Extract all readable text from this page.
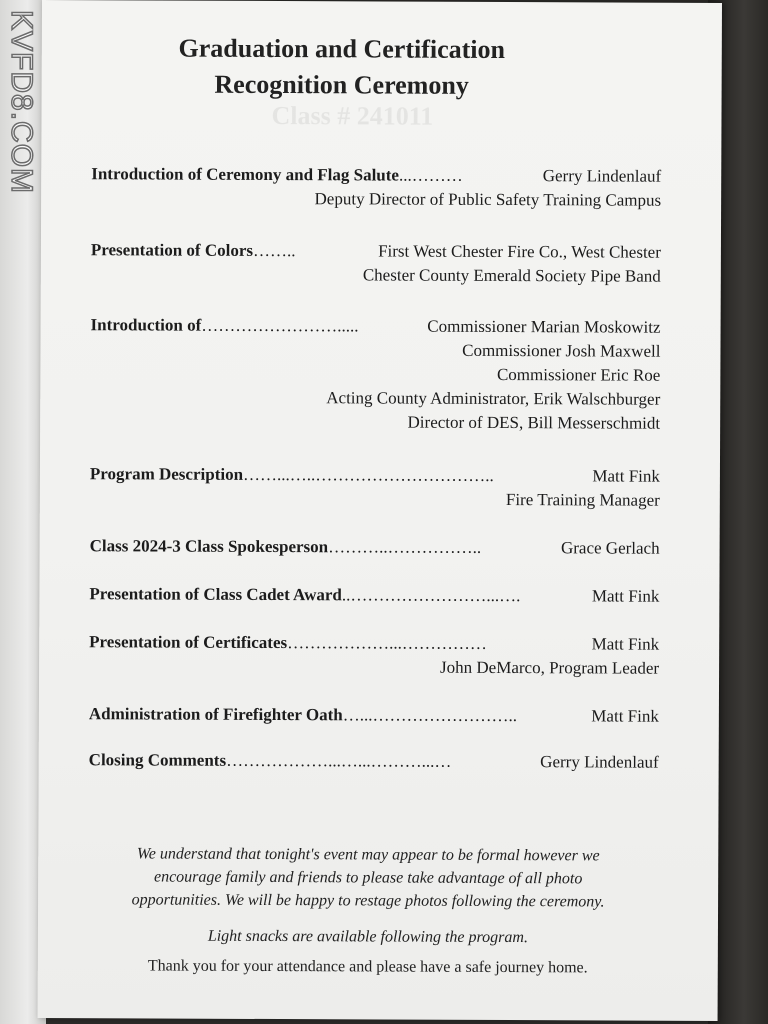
KVFD8.COM	Class # 241011
Graduation and Certification
Recognition Ceremony
Introduction of Ceremony and Flag Salute ...………	Gerry Lindenlauf
Deputy Director of Public Safety Training Campus
Presentation of Colors ……..	First West Chester Fire Co., West Chester
Chester County Emerald Society Pipe Band
Introduction of …………………….....	Commissioner Marian Moskowitz
Commissioner Josh Maxwell
Commissioner Eric Roe
Acting County Administrator, Erik Walschburger
Director of DES, Bill Messerschmidt
Program Description ……...…..…………………………..	Matt Fink
Fire Training Manager
Class 2024-3 Class Spokesperson ………..……………..	Grace Gerlach
Presentation of Class Cadet Award ..……………………...….	Matt Fink
Presentation of Certificates ………………...……………	Matt Fink
John DeMarco, Program Leader
Administration of Firefighter Oath …...……………………..	Matt Fink
Closing Comments ………………...…...………...…	Gerry Lindenlauf
We understand that tonight's event may appear to be formal however we
encourage family and friends to please take advantage of all photo
opportunities. We will be happy to restage photos following the ceremony.
Light snacks are available following the program.
Thank you for your attendance and please have a safe journey home.
